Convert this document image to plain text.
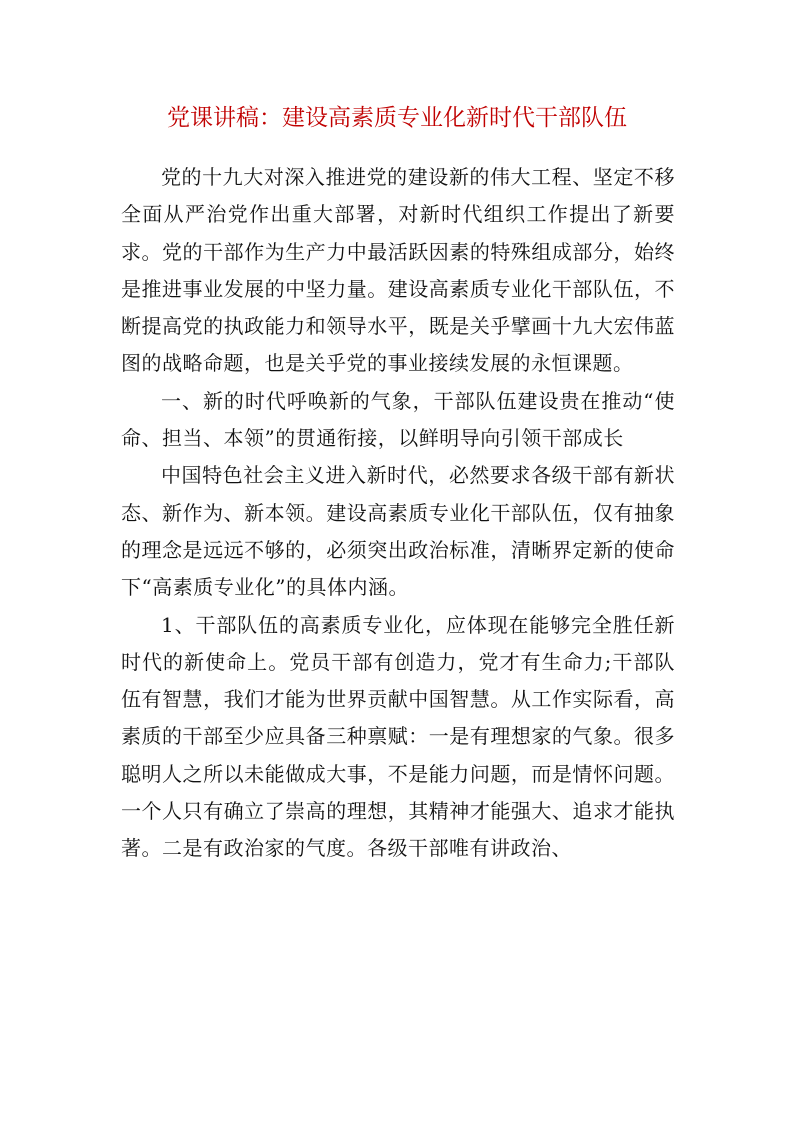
党课讲稿：建设高素质专业化新时代干部队伍

党的十九大对深入推进党的建设新的伟大工程、坚定不移全面从严治党作出重大部署，对新时代组织工作提出了新要求。党的干部作为生产力中最活跃因素的特殊组成部分，始终是推进事业发展的中坚力量。建设高素质专业化干部队伍，不断提高党的执政能力和领导水平，既是关乎擘画十九大宏伟蓝图的战略命题，也是关乎党的事业接续发展的永恒课题。

一、新的时代呼唤新的气象，干部队伍建设贵在推动“使命、担当、本领”的贯通衔接，以鲜明导向引领干部成长

中国特色社会主义进入新时代，必然要求各级干部有新状态、新作为、新本领。建设高素质专业化干部队伍，仅有抽象的理念是远远不够的，必须突出政治标准，清晰界定新的使命下“高素质专业化”的具体内涵。

1、干部队伍的高素质专业化，应体现在能够完全胜任新时代的新使命上。党员干部有创造力，党才有生命力;干部队伍有智慧，我们才能为世界贡献中国智慧。从工作实际看，高素质的干部至少应具备三种禀赋：一是有理想家的气象。很多聪明人之所以未能做成大事，不是能力问题，而是情怀问题。一个人只有确立了崇高的理想，其精神才能强大、追求才能执著。二是有政治家的气度。各级干部唯有讲政治、
